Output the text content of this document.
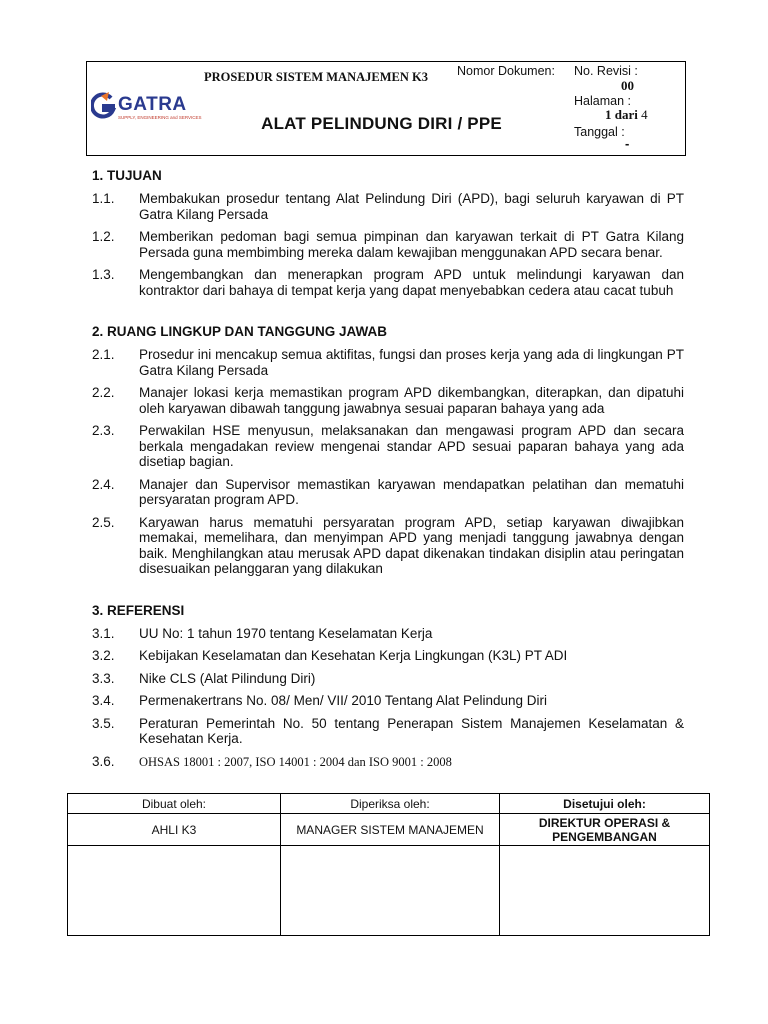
GATRA
SUPPLY, ENGINEERING and SERVICES
PROSEDUR SISTEM MANAJEMEN K3
ALAT PELINDUNG DIRI / PPE
Nomor Dokumen:	No. Revisi :
00
Halaman :
1 dari 4
Tanggal :
-
1. TUJUAN
1.1. Membakukan prosedur tentang Alat Pelindung Diri (APD), bagi seluruh karyawan di PT Gatra Kilang Persada
1.2. Memberikan pedoman bagi semua pimpinan dan karyawan terkait di PT Gatra Kilang Persada guna membimbing mereka dalam kewajiban menggunakan APD secara benar.
1.3. Mengembangkan dan menerapkan program APD untuk melindungi karyawan dan kontraktor dari bahaya di tempat kerja yang dapat menyebabkan cedera atau cacat tubuh
2. RUANG LINGKUP DAN TANGGUNG JAWAB
2.1. Prosedur ini mencakup semua aktifitas, fungsi dan proses kerja yang ada di lingkungan PT Gatra Kilang Persada
2.2. Manajer lokasi kerja memastikan program APD dikembangkan, diterapkan, dan dipatuhi oleh karyawan dibawah tanggung jawabnya sesuai paparan bahaya yang ada
2.3. Perwakilan HSE menyusun, melaksanakan dan mengawasi program APD dan secara berkala mengadakan review mengenai standar APD sesuai paparan bahaya yang ada disetiap bagian.
2.4. Manajer dan Supervisor memastikan karyawan mendapatkan pelatihan dan mematuhi persyaratan program APD.
2.5. Karyawan harus mematuhi persyaratan program APD, setiap karyawan diwajibkan memakai, memelihara, dan menyimpan APD yang menjadi tanggung jawabnya dengan baik. Menghilangkan atau merusak APD dapat dikenakan tindakan disiplin atau peringatan disesuaikan pelanggaran yang dilakukan
3. REFERENSI
3.1. UU No: 1 tahun 1970 tentang Keselamatan Kerja
3.2. Kebijakan Keselamatan dan Kesehatan Kerja Lingkungan (K3L) PT ADI
3.3. Nike CLS (Alat Pilindung Diri)
3.4. Permenakertrans No. 08/ Men/ VII/ 2010 Tentang Alat Pelindung Diri
3.5. Peraturan Pemerintah No. 50 tentang Penerapan Sistem Manajemen Keselamatan & Kesehatan Kerja.
3.6. OHSAS 18001 : 2007, ISO 14001 : 2004 dan ISO 9001 : 2008
Dibuat oleh:	Diperiksa oleh:	Disetujui oleh:
AHLI K3	MANAGER SISTEM MANAJEMEN	DIREKTUR OPERASI & PENGEMBANGAN
